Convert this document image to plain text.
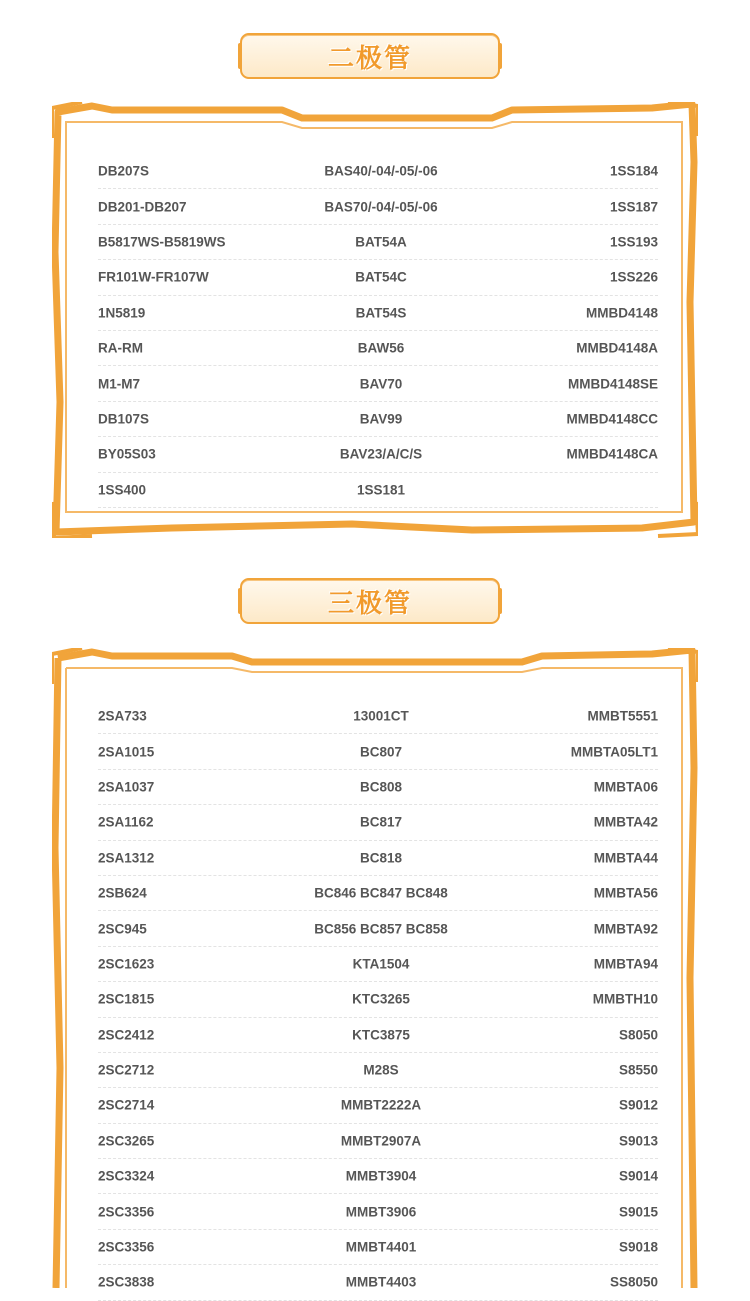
二极管
DB207S	BAS40/-04/-05/-06	1SS184
DB201-DB207	BAS70/-04/-05/-06	1SS187
B5817WS-B5819WS	BAT54A	1SS193
FR101W-FR107W	BAT54C	1SS226
1N5819	BAT54S	MMBD4148
RA-RM	BAW56	MMBD4148A
M1-M7	BAV70	MMBD4148SE
DB107S	BAV99	MMBD4148CC
BY05S03	BAV23/A/C/S	MMBD4148CA
1SS400	1SS181
三极管
2SA733	13001CT	MMBT5551
2SA1015	BC807	MMBTA05LT1
2SA1037	BC808	MMBTA06
2SA1162	BC817	MMBTA42
2SA1312	BC818	MMBTA44
2SB624	BC846 BC847 BC848	MMBTA56
2SC945	BC856 BC857 BC858	MMBTA92
2SC1623	KTA1504	MMBTA94
2SC1815	KTC3265	MMBTH10
2SC2412	KTC3875	S8050
2SC2712	M28S	S8550
2SC2714	MMBT2222A	S9012
2SC3265	MMBT2907A	S9013
2SC3324	MMBT3904	S9014
2SC3356	MMBT3906	S9015
2SC3356	MMBT4401	S9018
2SC3838	MMBT4403	SS8050
